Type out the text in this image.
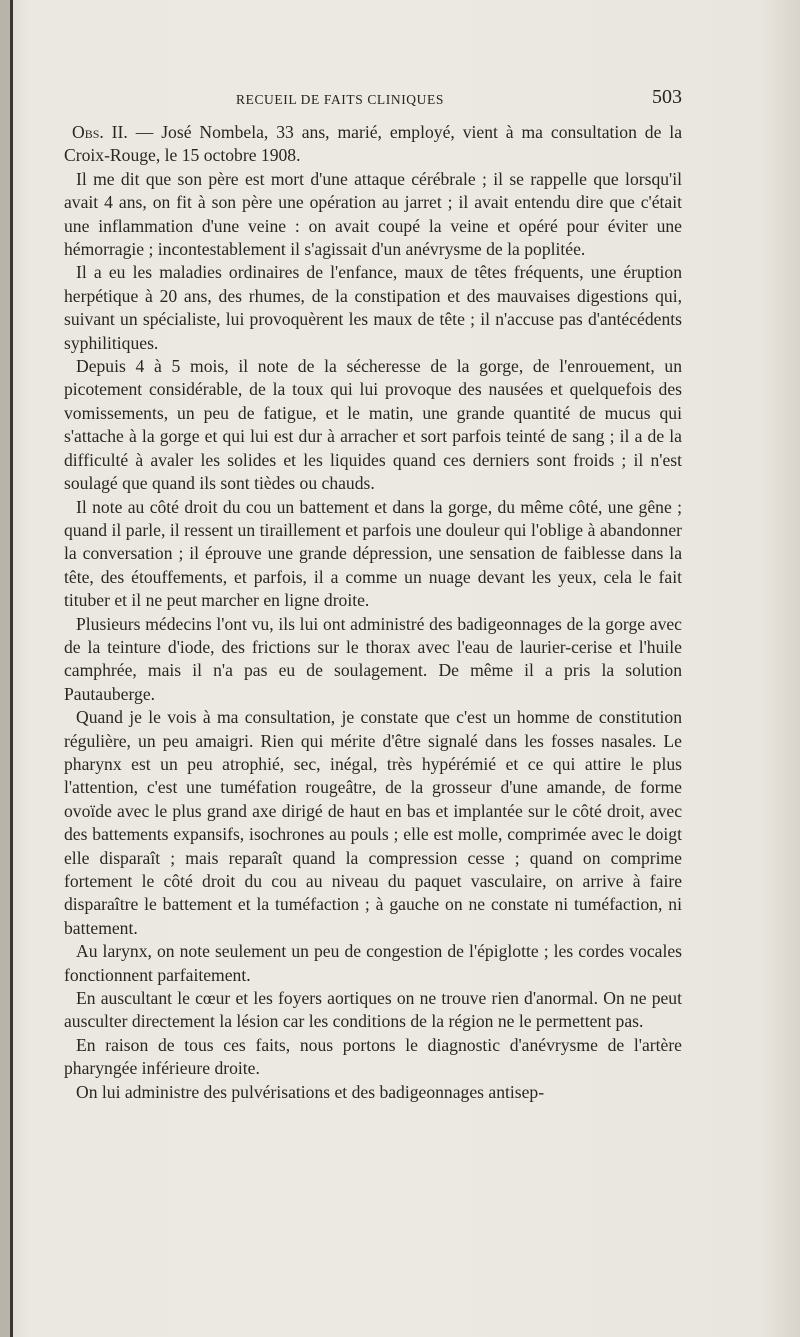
RECUEIL DE FAITS CLINIQUES	503

Obs. II. — José Nombela, 33 ans, marié, employé, vient à ma consultation de la Croix-Rouge, le 15 octobre 1908.

Il me dit que son père est mort d'une attaque cérébrale ; il se rappelle que lorsqu'il avait 4 ans, on fit à son père une opération au jarret ; il avait entendu dire que c'était une inflammation d'une veine : on avait coupé la veine et opéré pour éviter une hémorragie ; incontestablement il s'agissait d'un anévrysme de la poplitée.

Il a eu les maladies ordinaires de l'enfance, maux de têtes fréquents, une éruption herpétique à 20 ans, des rhumes, de la constipation et des mauvaises digestions qui, suivant un spécialiste, lui provoquèrent les maux de tête ; il n'accuse pas d'antécédents syphilitiques.

Depuis 4 à 5 mois, il note de la sécheresse de la gorge, de l'enrouement, un picotement considérable, de la toux qui lui provoque des nausées et quelquefois des vomissements, un peu de fatigue, et le matin, une grande quantité de mucus qui s'attache à la gorge et qui lui est dur à arracher et sort parfois teinté de sang ; il a de la difficulté à avaler les solides et les liquides quand ces derniers sont froids ; il n'est soulagé que quand ils sont tièdes ou chauds.

Il note au côté droit du cou un battement et dans la gorge, du même côté, une gêne ; quand il parle, il ressent un tiraillement et parfois une douleur qui l'oblige à abandonner la conversation ; il éprouve une grande dépression, une sensation de faiblesse dans la tête, des étouffements, et parfois, il a comme un nuage devant les yeux, cela le fait tituber et il ne peut marcher en ligne droite.

Plusieurs médecins l'ont vu, ils lui ont administré des badigeonnages de la gorge avec de la teinture d'iode, des frictions sur le thorax avec l'eau de laurier-cerise et l'huile camphrée, mais il n'a pas eu de soulagement. De même il a pris la solution Pautauberge.

Quand je le vois à ma consultation, je constate que c'est un homme de constitution régulière, un peu amaigri. Rien qui mérite d'être signalé dans les fosses nasales. Le pharynx est un peu atrophié, sec, inégal, très hypérémié et ce qui attire le plus l'attention, c'est une tuméfation rougeâtre, de la grosseur d'une amande, de forme ovoïde avec le plus grand axe dirigé de haut en bas et implantée sur le côté droit, avec des battements expansifs, isochrones au pouls ; elle est molle, comprimée avec le doigt elle disparaît ; mais reparaît quand la compression cesse ; quand on comprime fortement le côté droit du cou au niveau du paquet vasculaire, on arrive à faire disparaître le battement et la tuméfaction ; à gauche on ne constate ni tuméfaction, ni battement.

Au larynx, on note seulement un peu de congestion de l'épiglotte ; les cordes vocales fonctionnent parfaitement.

En auscultant le cœur et les foyers aortiques on ne trouve rien d'anormal. On ne peut ausculter directement la lésion car les conditions de la région ne le permettent pas.

En raison de tous ces faits, nous portons le diagnostic d'anévrysme de l'artère pharyngée inférieure droite.

On lui administre des pulvérisations et des badigeonnages antisep-
